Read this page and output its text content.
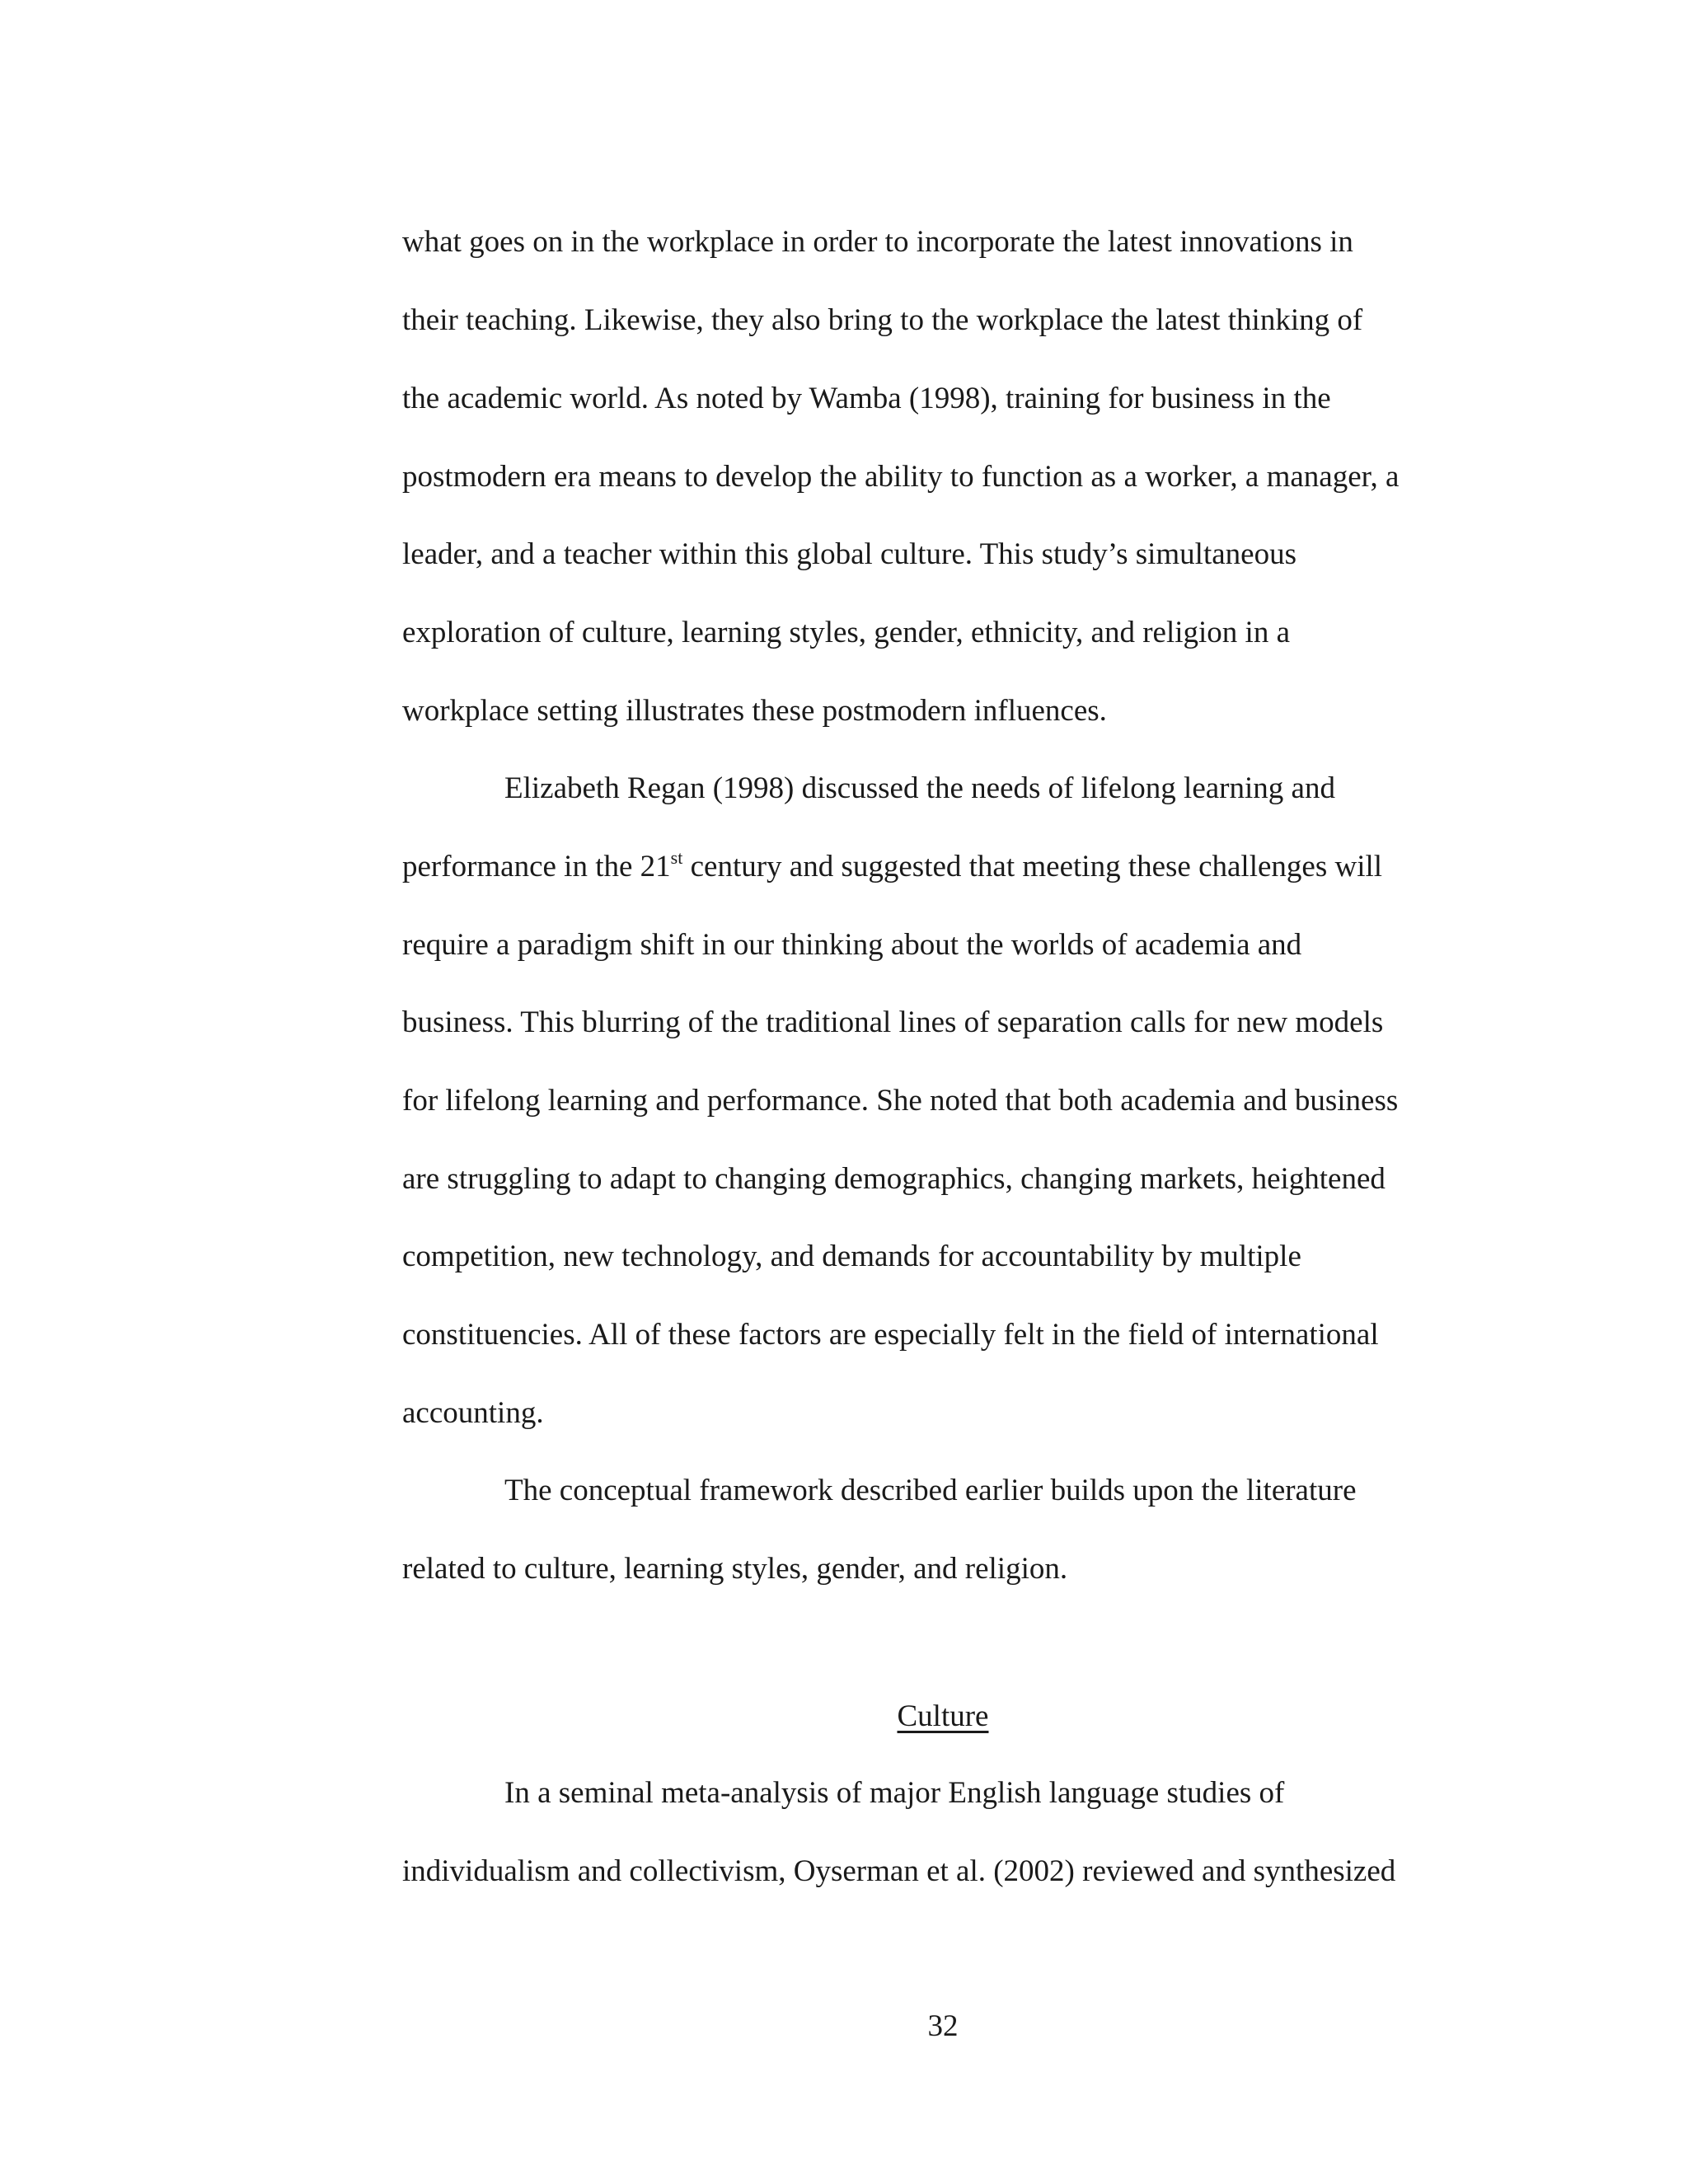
what goes on in the workplace in order to incorporate the latest innovations in
their teaching. Likewise, they also bring to the workplace the latest thinking of
the academic world. As noted by Wamba (1998), training for business in the
postmodern era means to develop the ability to function as a worker, a manager, a
leader, and a teacher within this global culture. This study’s simultaneous
exploration of culture, learning styles, gender, ethnicity, and religion in a
workplace setting illustrates these postmodern influences.
Elizabeth Regan (1998) discussed the needs of lifelong learning and
performance in the 21st century and suggested that meeting these challenges will
require a paradigm shift in our thinking about the worlds of academia and
business. This blurring of the traditional lines of separation calls for new models
for lifelong learning and performance. She noted that both academia and business
are struggling to adapt to changing demographics, changing markets, heightened
competition, new technology, and demands for accountability by multiple
constituencies. All of these factors are especially felt in the field of international
accounting.
The conceptual framework described earlier builds upon the literature
related to culture, learning styles, gender, and religion.
Culture
In a seminal meta-analysis of major English language studies of
individualism and collectivism, Oyserman et al. (2002) reviewed and synthesized
32
